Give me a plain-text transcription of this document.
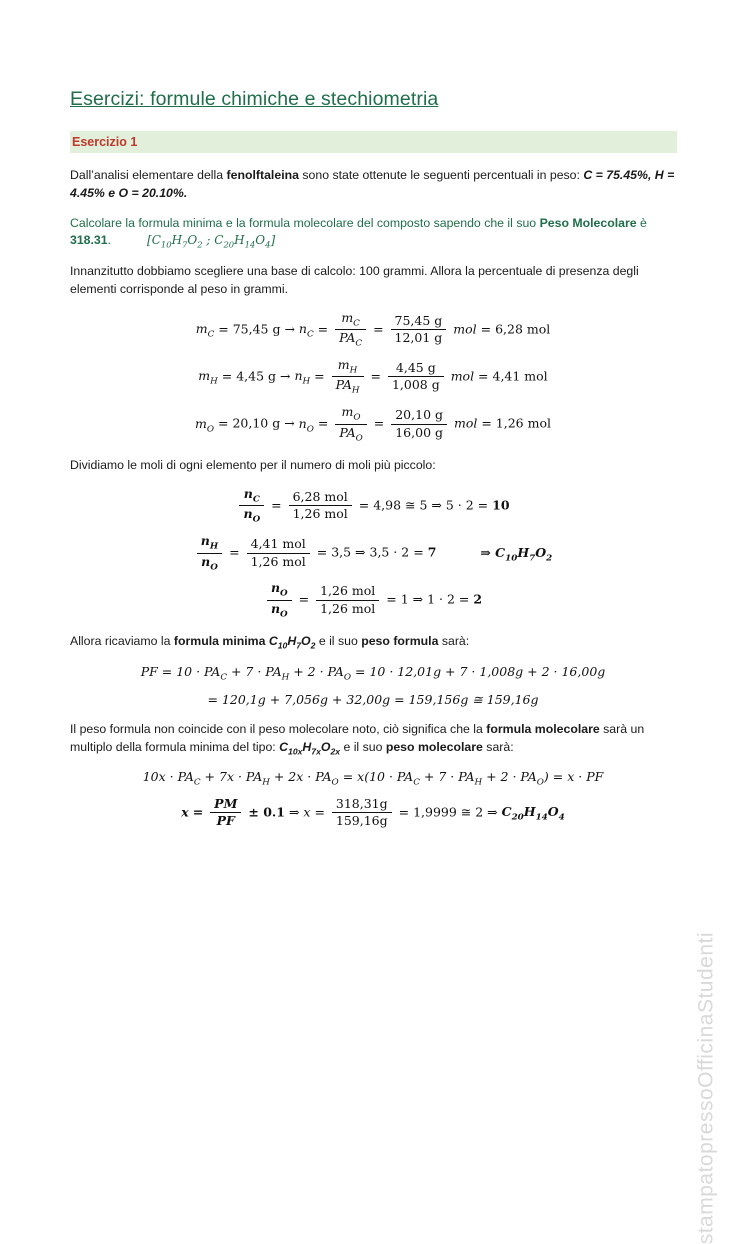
Esercizi: formule chimiche e stechiometria
Esercizio 1

Dall’analisi elementare della fenolftaleina sono state ottenute le seguenti percentuali in peso: C = 75.45%, H = 4.45% e O = 20.10%.

Calcolare la formula minima e la formula molecolare del composto sapendo che il suo Peso Molecolare è 318.31.	[$C_{10}H_7O_2$ ; $C_{20}H_{14}O_4$]

Innanzitutto dobbiamo scegliere una base di calcolo: 100 grammi. Allora la percentuale di presenza degli elementi corrisponde al peso in grammi.

$m_C = 75,45$ $g \to n_C = \frac{m_C}{PA_C} = \frac{75,45 g}{12,01 g}$ mol = 6,28 mol
$m_H = 4,45$ $g \to n_H = \frac{m_H}{PA_H} = \frac{4,45 g}{1,008 g}$ mol = 4,41 mol
$m_O = 20,10$ $g \to n_O = \frac{m_O}{PA_O} = \frac{20,10 g}{16,00 g}$ mol = 1,26 mol

Dividiamo le moli di ogni elemento per il numero di moli più piccolo:

$\frac{n_C}{n_O} = \frac{\text{6,28 mol}}{\text{1,26 mol}} = 4,98$ ≅ 5 ⇒ 5 · 2 = 10
$\frac{n_H}{n_O} = \frac{\text{4,41 mol}}{\text{1,26 mol}} = 3,5$ ⇒ 3,5 · 2 = 7	⇒ $C_{10}H_7O_2$
$\frac{n_O}{n_O} = \frac{\text{1,26 mol}}{\text{1,26 mol}} = 1$ ⇒ 1 · 2 = 2

Allora ricaviamo la formula minima $C_{10}H_7O_2$ e il suo peso formula sarà:

PF = $10 \cdot PA_C + 7 \cdot PA_H + 2 \cdot PA_O = 10 \cdot 12,01g + 7 \cdot 1,008g + 2 \cdot 16,00g$
= 120,1g + 7,056g + 32,00g = 159,156g ≅ 159,16g

Il peso formula non coincide con il peso molecolare noto, ciò significa che la formula molecolare sarà un multiplo della formula minima del tipo: $C_{10x}H_{7x}O_{2x}$ e il suo peso molecolare sarà:

$10x \cdot PA_C + 7x \cdot PA_H + 2x \cdot PA_O = x(10 \cdot PA_C + 7 \cdot PA_H + 2 \cdot PA_O) = x$ · PF
$x = \frac{PM}{PF} \pm 0.1$ ⇒ $x = \frac{318,31g}{159,16g} = 1,9999$ ≅ 2 ⇒ $C_{20}H_{14}O_4$
stampatopressoOfficinaStudenti
